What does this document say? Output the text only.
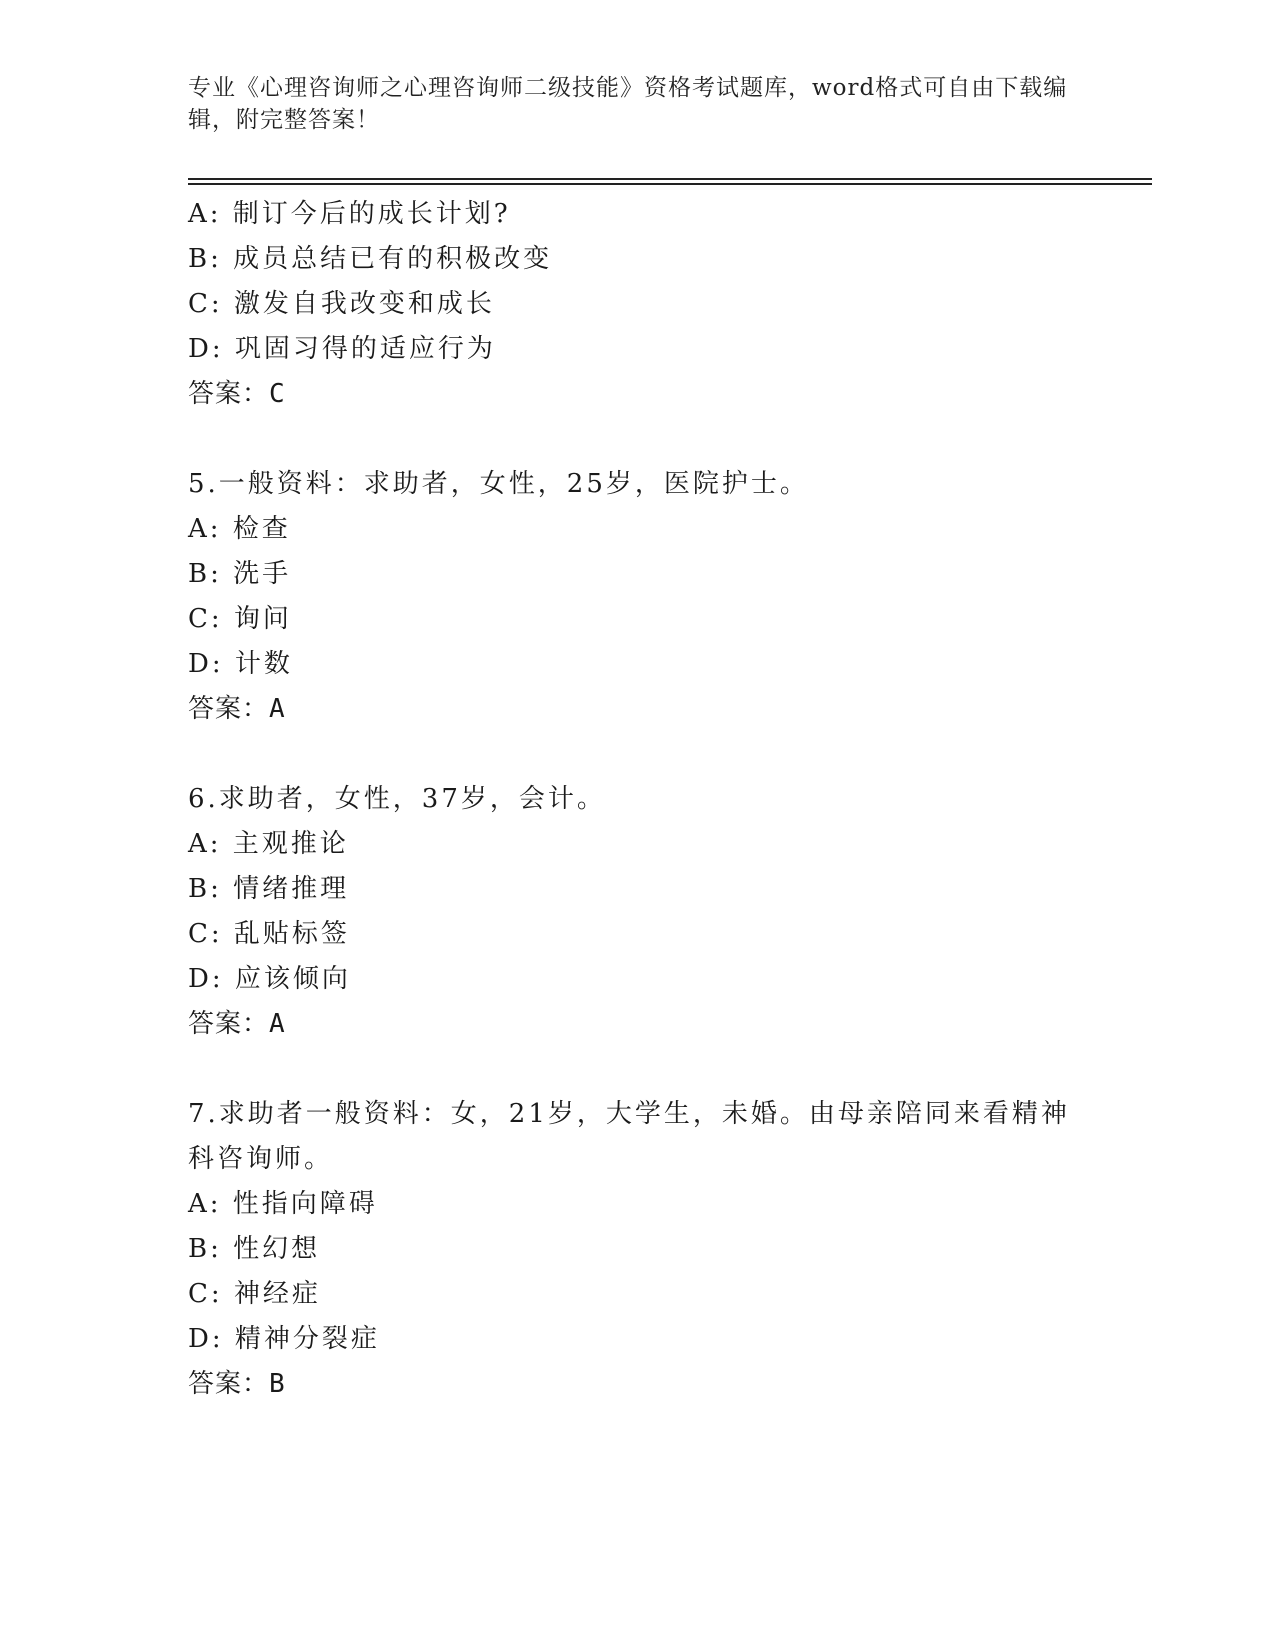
专业《心理咨询师之心理咨询师二级技能》资格考试题库，word格式可自由下载编辑，附完整答案！
A: 制订今后的成长计划?
B: 成员总结已有的积极改变
C: 激发自我改变和成长
D: 巩固习得的适应行为
答案：C
5.一般资料：求助者，女性，25岁，医院护士。
A: 检查
B: 洗手
C: 询问
D: 计数
答案：A
6.求助者，女性，37岁，会计。
A: 主观推论
B: 情绪推理
C: 乱贴标签
D: 应该倾向
答案：A
7.求助者一般资料：女，21岁，大学生，未婚。由母亲陪同来看精神
科咨询师。
A: 性指向障碍
B: 性幻想
C: 神经症
D: 精神分裂症
答案：B
